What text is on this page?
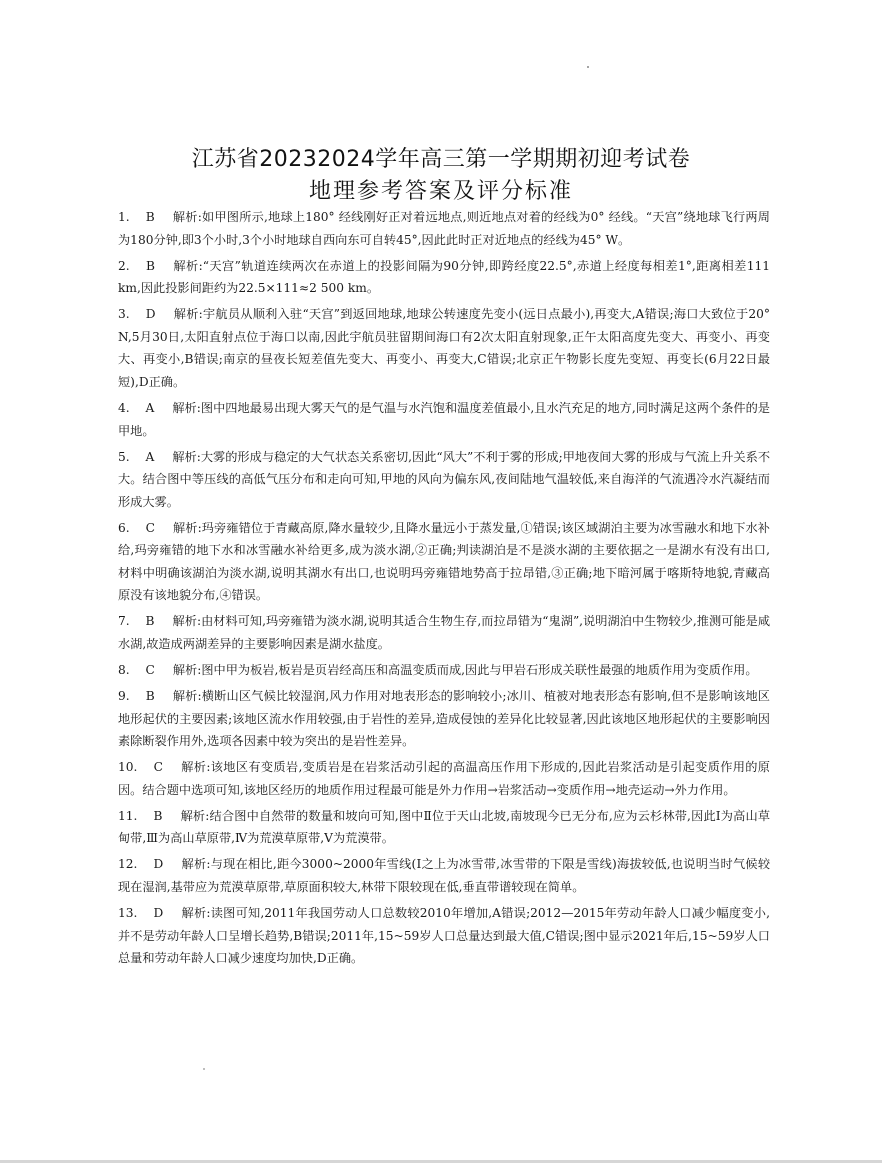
江苏省20232024学年高三第一学期期初迎考试卷
地理参考答案及评分标准

1. B 解析:如甲图所示,地球上180° 经线刚好正对着远地点,则近地点对着的经线为0° 经线。“天宫”绕地球飞行两周为180分钟,即3个小时,3个小时地球自西向东可自转45°,因此此时正对近地点的经线为45° W。

2. B 解析:“天宫”轨道连续两次在赤道上的投影间隔为90分钟,即跨经度22.5°,赤道上经度每相差1°,距离相差111 km,因此投影间距约为22.5×111≈2 500 km。

3. D 解析:宇航员从顺利入驻“天宫”到返回地球,地球公转速度先变小(远日点最小),再变大,A错误;海口大致位于20° N,5月30日,太阳直射点位于海口以南,因此宇航员驻留期间海口有2次太阳直射现象,正午太阳高度先变大、再变小、再变大、再变小,B错误;南京的昼夜长短差值先变大、再变小、再变大,C错误;北京正午物影长度先变短、再变长(6月22日最短),D正确。

4. A 解析:图中四地最易出现大雾天气的是气温与水汽饱和温度差值最小,且水汽充足的地方,同时满足这两个条件的是甲地。

5. A 解析:大雾的形成与稳定的大气状态关系密切,因此“风大”不利于雾的形成;甲地夜间大雾的形成与气流上升关系不大。结合图中等压线的高低气压分布和走向可知,甲地的风向为偏东风,夜间陆地气温较低,来自海洋的气流遇冷水汽凝结而形成大雾。

6. C 解析:玛旁雍错位于青藏高原,降水量较少,且降水量远小于蒸发量,①错误;该区域湖泊主要为冰雪融水和地下水补给,玛旁雍错的地下水和冰雪融水补给更多,成为淡水湖,②正确;判读湖泊是不是淡水湖的主要依据之一是湖水有没有出口,材料中明确该湖泊为淡水湖,说明其湖水有出口,也说明玛旁雍错地势高于拉昂错,③正确;地下暗河属于喀斯特地貌,青藏高原没有该地貌分布,④错误。

7. B 解析:由材料可知,玛旁雍错为淡水湖,说明其适合生物生存,而拉昂错为“鬼湖”,说明湖泊中生物较少,推测可能是咸水湖,故造成两湖差异的主要影响因素是湖水盐度。

8. C 解析:图中甲为板岩,板岩是页岩经高压和高温变质而成,因此与甲岩石形成关联性最强的地质作用为变质作用。

9. B 解析:横断山区气候比较湿润,风力作用对地表形态的影响较小;冰川、植被对地表形态有影响,但不是影响该地区地形起伏的主要因素;该地区流水作用较强,由于岩性的差异,造成侵蚀的差异化比较显著,因此该地区地形起伏的主要影响因素除断裂作用外,选项各因素中较为突出的是岩性差异。

10. C 解析:该地区有变质岩,变质岩是在岩浆活动引起的高温高压作用下形成的,因此岩浆活动是引起变质作用的原因。结合题中选项可知,该地区经历的地质作用过程最可能是外力作用→岩浆活动→变质作用→地壳运动→外力作用。

11. B 解析:结合图中自然带的数量和坡向可知,图中Ⅱ位于天山北坡,南坡现今已无分布,应为云杉林带,因此Ⅰ为高山草甸带,Ⅲ为高山草原带,Ⅳ为荒漠草原带,Ⅴ为荒漠带。

12. D 解析:与现在相比,距今3000~2000年雪线(Ⅰ之上为冰雪带,冰雪带的下限是雪线)海拔较低,也说明当时气候较现在湿润,基带应为荒漠草原带,草原面积较大,林带下限较现在低,垂直带谱较现在简单。

13. D 解析:读图可知,2011年我国劳动人口总数较2010年增加,A错误;2012—2015年劳动年龄人口减少幅度变小,并不是劳动年龄人口呈增长趋势,B错误;2011年,15~59岁人口总量达到最大值,C错误;图中显示2021年后,15~59岁人口总量和劳动年龄人口减少速度均加快,D正确。
